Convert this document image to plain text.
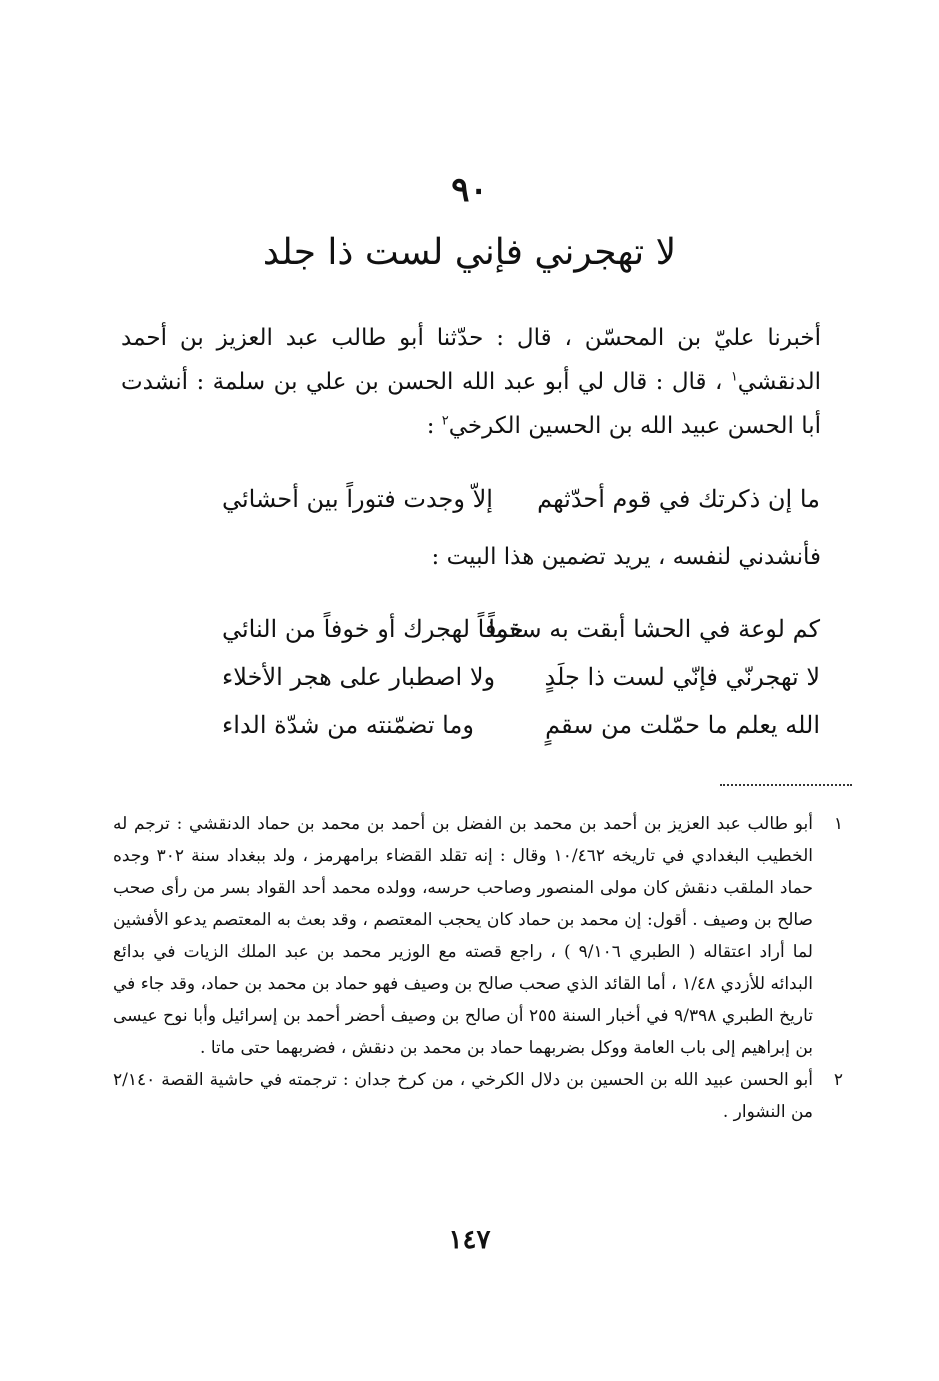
٩٠
لا تهجرني فإني لست ذا جلد
أخبرنا عليّ بن المحسّن ، قال : حدّثنا أبو طالب عبد العزيز بن أحمد الدنقشي$^١$ ، قال : قال لي أبو عبد الله الحسن بن علي بن سلمة : أنشدت أبا الحسن عبيد الله بن الحسين الكرخي$^٢$ :
ما إن ذكرتك في قوم أحدّثهم
إلاّ وجدت فتوراً بين أحشائي
فأنشدني لنفسه ، يريد تضمين هذا البيت :
كم لوعة في الحشا أبقت به سقماً
خوفاً لهجرك أو خوفاً من النائي
لا تهجرنّي فإنّي لست ذا جلَدٍ
ولا اصطبار على هجر الأخلاء
الله يعلم ما حمّلت من سقمٍ
وما تضمّنته من شدّة الداء
١
أبو طالب عبد العزيز بن أحمد بن محمد بن الفضل بن أحمد بن محمد بن حماد الدنقشي : ترجم له الخطيب البغدادي في تاريخه ١٠/٤٦٢ وقال : إنه تقلد القضاء برامهرمز ، ولد ببغداد سنة ٣٠٢ وجده حماد الملقب دنقش كان مولى المنصور وصاحب حرسه، وولده محمد أحد القواد بسر من رأى صحب صالح بن وصيف . أقول: إن محمد بن حماد كان يحجب المعتصم ، وقد بعث به المعتصم يدعو الأفشين لما أراد اعتقاله ( الطبري ٩/١٠٦ ) ، راجع قصته مع الوزير محمد بن عبد الملك الزيات في بدائع البدائه للأزدي ١/٤٨ ، أما القائد الذي صحب صالح بن وصيف فهو حماد بن محمد بن حماد، وقد جاء في تاريخ الطبري ٩/٣٩٨ في أخبار السنة ٢٥٥ أن صالح بن وصيف أحضر أحمد بن إسرائيل وأبا نوح عيسى بن إبراهيم إلى باب العامة ووكل بضربهما حماد بن محمد بن دنقش ، فضربهما حتى ماتا .
٢
أبو الحسن عبيد الله بن الحسين بن دلال الكرخي ، من كرخ جدان : ترجمته في حاشية القصة ٢/١٤٠ من النشوار .
١٤٧
